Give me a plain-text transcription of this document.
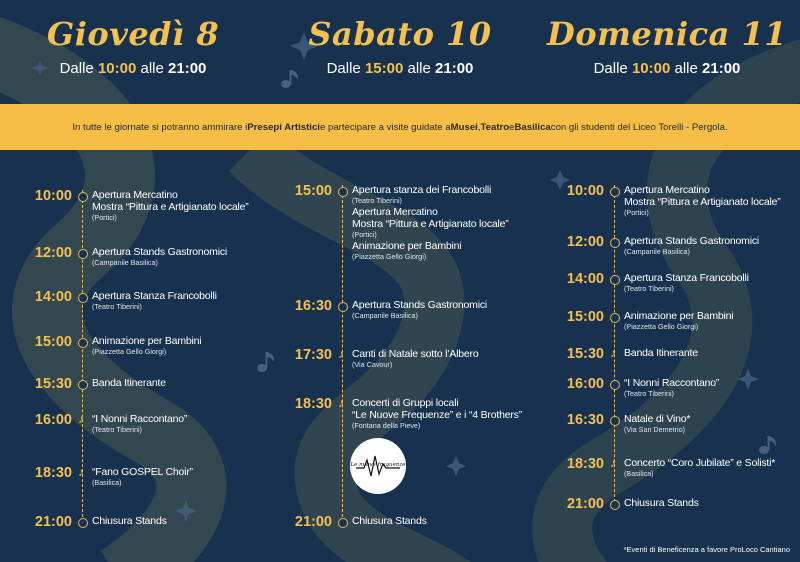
Giovedì 8
Dalle 10:00 alle 21:00
Sabato 10
Dalle 15:00 alle 21:00
Domenica 11
Dalle 10:00 alle 21:00
In tutte le giornate si potranno ammirare i Presepi Artistici e partecipare a visite guidate a Musei , Teatro e Basilica con gli studenti del Liceo Torelli - Pergola.
10:00 Apertura Mercatino
Mostra “Pittura e Artigianato locale”
(Portici)
12:00 Apertura Stands Gastronomici
(Campanile Basilica)
14:00 Apertura Stanza Francobolli
(Teatro Tiberini)
15:00 Animazione per Bambini
(Piazzetta Gello Giorgi)
15:30 Banda Itinerante
16:00 ♪ “I Nonni Raccontano”
(Teatro Tiberini)
18:30 ♪ “Fano GOSPEL Choir”
(Basilica)
21:00 Chiusura Stands
15:00 Apertura stanza dei Francobolli
(Teatro Tiberini)
Apertura Mercatino
Mostra “Pittura e Artigianato locale”
(Portici)
Animazione per Bambini
(Piazzetta Gello Giorgi)
16:30 Apertura Stands Gastronomici
(Campanile Basilica)
17:30 ♪ Canti di Natale sotto l’Albero
(Via Cavour)
18:30 ♪ Concerti di Gruppi locali
“Le Nuove Frequenze” e i “4 Brothers”
(Fontana della Pieve)
21:00 Chiusura Stands
10:00 Apertura Mercatino
Mostra “Pittura e Artigianato locale”
(Portici)
12:00 Apertura Stands Gastronomici
(Campanile Basilica)
14:00 Apertura Stanza Francobolli
(Teatro Tiberini)
15:00 Animazione per Bambini
(Piazzetta Gello Giorgi)
15:30 ♪ Banda Itinerante
16:00 “I Nonni Raccontano”
(Teatro Tiberini)
16:30 Natale di Vino*
(Via San Demetrio)
18:30 ♪ Concerto “Coro Jubilate” e Solisti*
(Basilica)
21:00 Chiusura Stands
Le nuove frequenze
*Eventi di Beneficenza a favore ProLoco Cantiano
